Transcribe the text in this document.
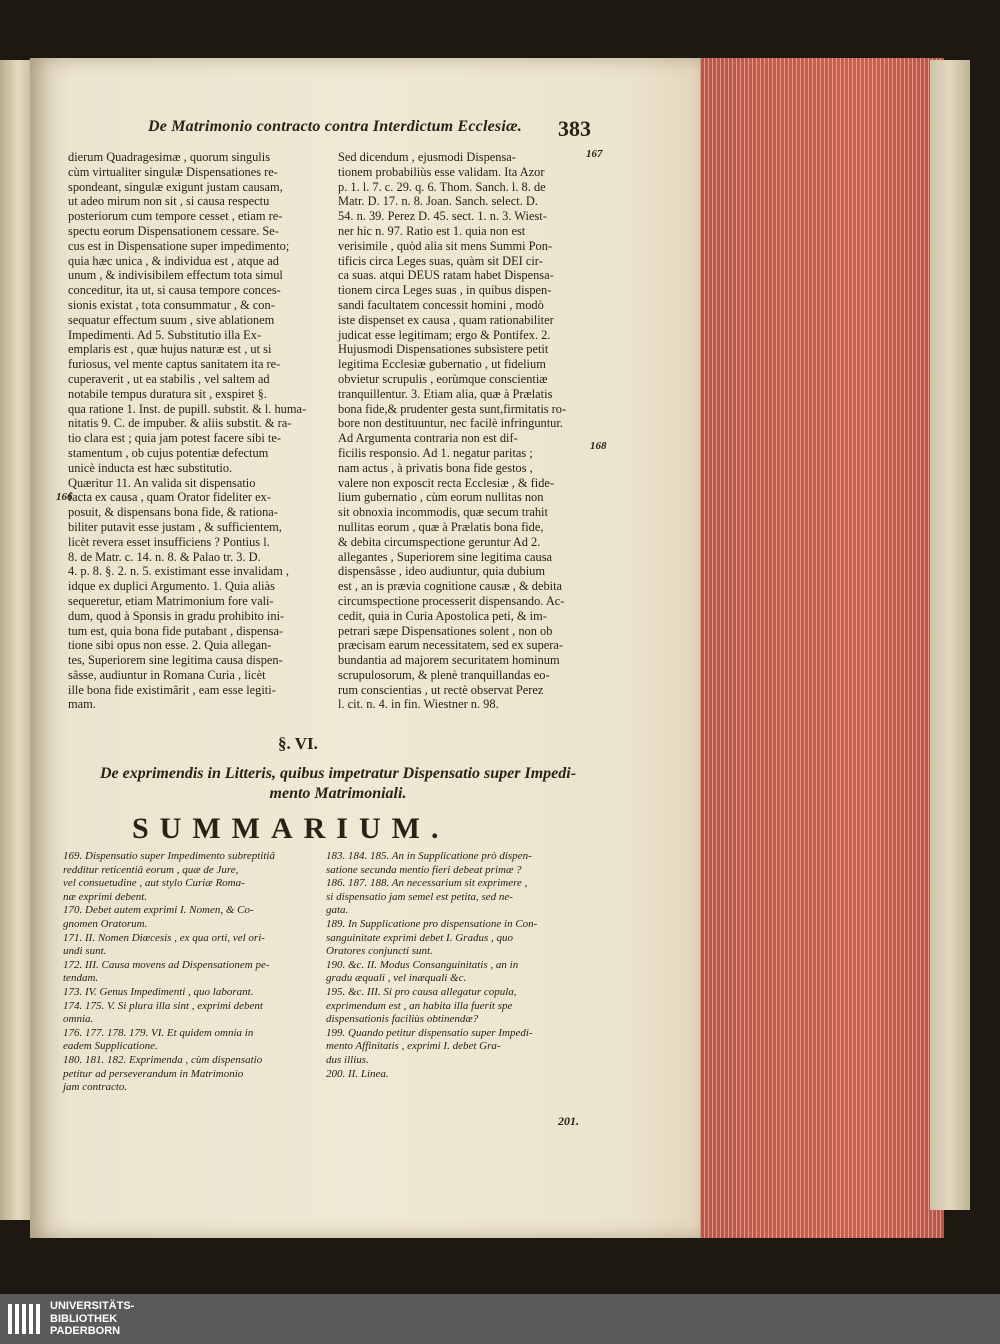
De Matrimonio contracto contra Interdictum Ecclesiæ.	383

dierum Quadragesimæ , quorum singulis
cùm virtualiter singulæ Dispensationes re-
spondeant, singulæ exigunt justam causam,
ut adeo mirum non sit , si causa respectu
posteriorum cum tempore cesset , etiam re-
spectu eorum Dispensationem cessare. Se-
cus est in Dispensatione super impedimento;
quia hæc unica , & individua est , atque ad
unum , & indivisibilem effectum tota simul
conceditur, ita ut, si causa tempore conces-
sionis existat , tota consummatur , & con-
sequatur effectum suum , sive ablationem
Impedimenti. Ad 5. Substitutio illa Ex-
emplaris est , quæ hujus naturæ est , ut si
furiosus, vel mente captus sanitatem ita re-
cuperaverit , ut ea stabilis , vel saltem ad
notabile tempus duratura sit , exspiret §.
qua ratione 1. Inst. de pupill. substit. & l. huma-
nitatis 9. C. de impuber. & aliis substit. & ra-
tio clara est ; quia jam potest facere sibi te-
stamentum , ob cujus potentiæ defectum
unicè inducta est hæc substitutio.
Quæritur 11. An valida sit dispensatio
facta ex causa , quam Orator fideliter ex-
posuit, & dispensans bona fide, & rationa-
biliter putavit esse justam , & sufficientem,
licèt revera esset insufficiens ? Pontius l.
8. de Matr. c. 14. n. 8. & Palao tr. 3. D.
4. p. 8. §. 2. n. 5. existimant esse invalidam ,
idque ex duplici Argumento. 1. Quia aliàs
sequeretur, etiam Matrimonium fore vali-
dum, quod à Sponsis in gradu prohibito ini-
tum est, quia bona fide putabant , dispensa-
tione sibi opus non esse. 2. Quia allegan-
tes, Superiorem sine legitima causa dispen-
sâsse, audiuntur in Romana Curia , licèt
ille bona fide existimârit , eam esse legiti-
mam.

Sed dicendum , ejusmodi Dispensa-
tionem probabiliùs esse validam. Ita Azor
p. 1. l. 7. c. 29. q. 6. Thom. Sanch. l. 8. de
Matr. D. 17. n. 8. Joan. Sanch. select. D.
54. n. 39. Perez D. 45. sect. 1. n. 3. Wiest-
ner hic n. 97. Ratio est 1. quia non est
verisimile , quòd alia sit mens Summi Pon-
tificis circa Leges suas, quàm sit DEI cir-
ca suas. atqui DEUS ratam habet Dispensa-
tionem circa Leges suas , in quibus dispen-
sandi facultatem concessit homini , modò
iste dispenset ex causa , quam rationabiliter
judicat esse legitimam; ergo & Pontifex. 2.
Hujusmodi Dispensationes subsistere petit
legitima Ecclesiæ gubernatio , ut fidelium
obvietur scrupulis , eorùmque conscientiæ
tranquillentur. 3. Etiam alia, quæ à Prælatis
bona fide,& prudenter gesta sunt,firmitatis ro-
bore non destituuntur, nec facilè infringuntur.
Ad Argumenta contraria non est dif-
ficilis responsio. Ad 1. negatur paritas ;
nam actus , à privatis bona fide gestos ,
valere non exposcit recta Ecclesiæ , & fide-
lium gubernatio , cùm eorum nullitas non
sit obnoxia incommodis, quæ secum trahit
nullitas eorum , quæ à Prælatis bona fide,
& debita circumspectione geruntur Ad 2.
allegantes , Superiorem sine legitima causa
dispensâsse , ideo audiuntur, quia dubium
est , an is prævia cognitione causæ , & debita
circumspectione processerit dispensando. Ac-
cedit, quia in Curia Apostolica peti, & im-
petrari sæpe Dispensationes solent , non ob
præcisam earum necessitatem, sed ex supera-
bundantia ad majorem securitatem hominum
scrupulosorum, & plenè tranquillandas eo-
rum conscientias , ut rectè observat Perez
l. cit. n. 4. in fin. Wiestner n. 98.

167
168
166
§. VI.
De exprimendis in Litteris, quibus impetratur Dispensatio super Impedi-
mento Matrimoniali.
SUMMARIUM.

169. Dispensatio super Impedimento subreptitiâ
redditur reticentiâ eorum , quæ de Jure,
vel consuetudine , aut stylo Curiæ Roma-
næ exprimi debent.
170. Debet autem exprimi I. Nomen, & Co-
gnomen Oratorum.
171. II. Nomen Diœcesis , ex qua orti, vel ori-
undi sunt.
172. III. Causa movens ad Dispensationem pe-
tendam.
173. IV. Genus Impedimenti , quo laborant.
174. 175. V. Si plura illa sint , exprimi debent
omnia.
176. 177. 178. 179. VI. Et quidem omnia in
eadem Supplicatione.
180. 181. 182. Exprimenda , cùm dispensatio
petitur ad perseverandum in Matrimonio
jam contracto.

183. 184. 185. An in Supplicatione prò dispen-
satione secunda mentio fieri debeat primæ ?
186. 187. 188. An necessarium sit exprimere ,
si dispensatio jam semel est petita, sed ne-
gata.
189. In Supplicatione pro dispensatione in Con-
sanguinitate exprimi debet I. Gradus , quo
Oratores conjuncti sunt.
190. &c. II. Modus Consanguinitatis , an in
gradu æquali , vel inæquali &c.
195. &c. III. Si pro causa allegatur copula,
exprimendum est , an habita illa fuerit spe
dispensationis faciliùs obtinendæ?
199. Quando petitur dispensatio super Impedi-
mento Affinitatis , exprimi I. debet Gra-
dus illius.
200. II. Linea.

201.
UNIVERSITÄTS-
BIBLIOTHEK
PADERBORN
